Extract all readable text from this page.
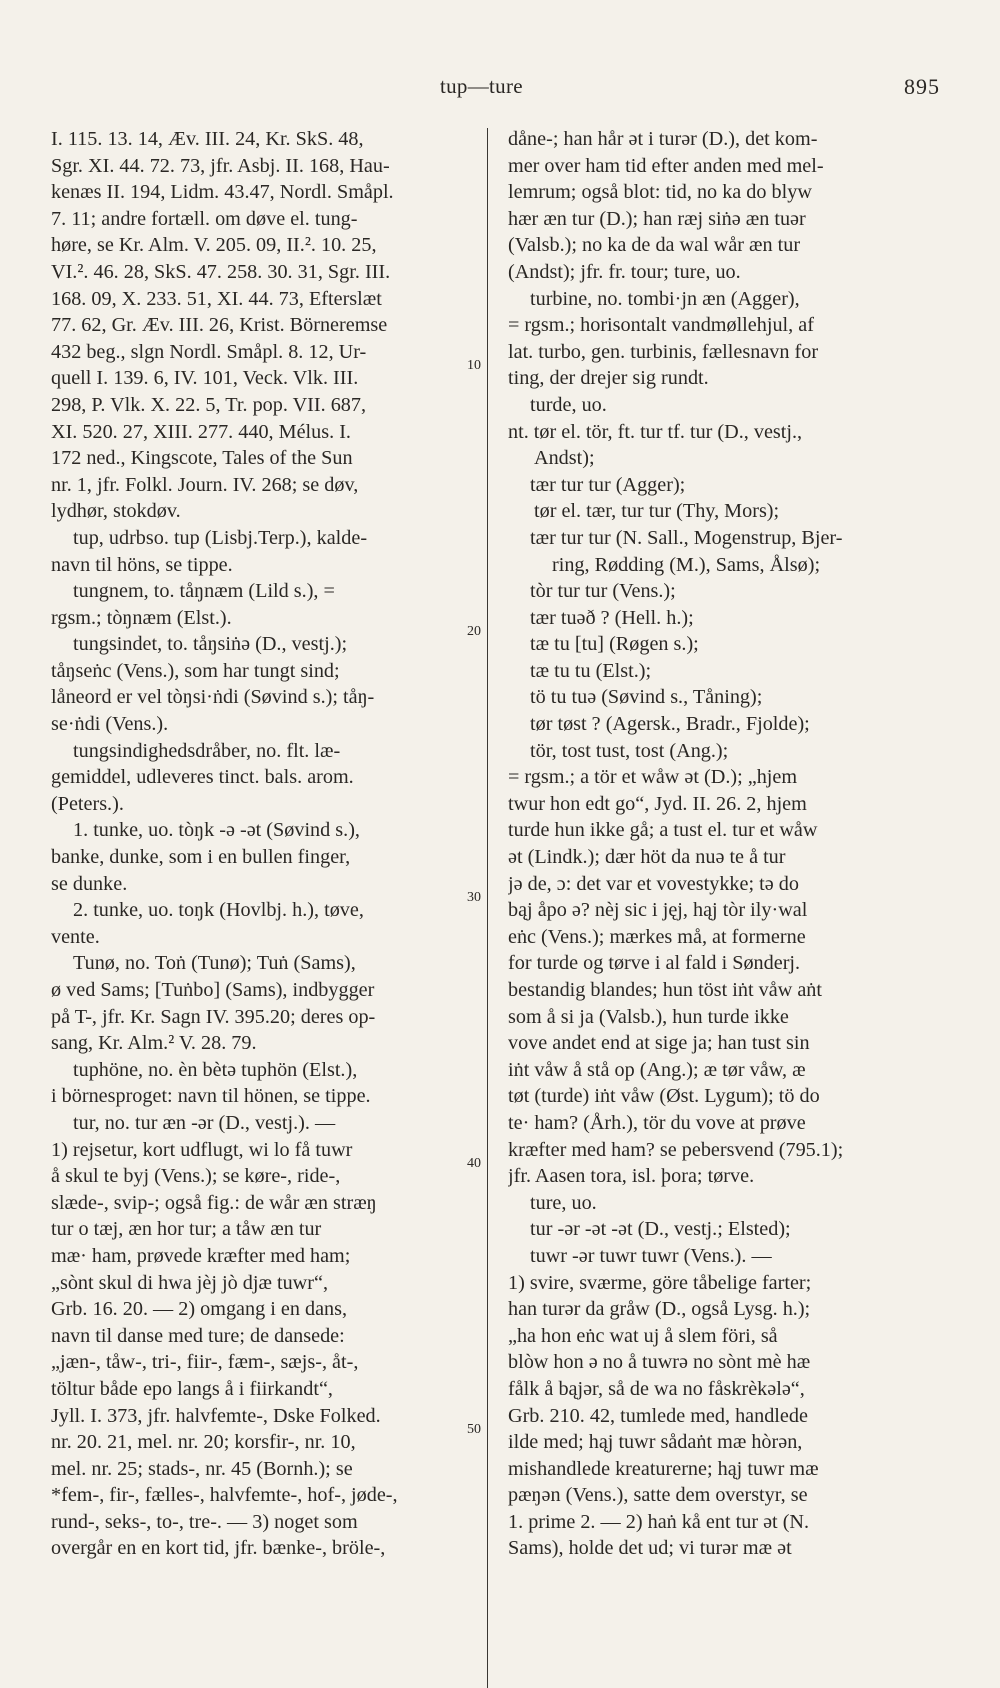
tup—ture	895
I. 115. 13. 14, Æv. III. 24, Kr. SkS. 48,
Sgr. XI. 44. 72. 73, jfr. Asbj. II. 168, Hau-
kenæs II. 194, Lidm. 43.47, Nordl. Småpl.
7. 11; andre fortæll. om døve el. tung-
høre, se Kr. Alm. V. 205. 09, II.². 10. 25,
VI.². 46. 28, SkS. 47. 258. 30. 31, Sgr. III.
168. 09, X. 233. 51, XI. 44. 73, Efterslæt
77. 62, Gr. Æv. III. 26, Krist. Börneremse
432 beg., slgn Nordl. Småpl. 8. 12, Ur-
quell I. 139. 6, IV. 101, Veck. Vlk. III.
298, P. Vlk. X. 22. 5, Tr. pop. VII. 687,
XI. 520. 27, XIII. 277. 440, Mélus. I.
172 ned., Kingscote, Tales of the Sun
nr. 1, jfr. Folkl. Journ. IV. 268; se døv,
lydhør, stokdøv.
tup, udrbso. tup (Lisbj.Terp.), kalde-
navn til höns, se tippe.
tungnem, to. tåŋnæm (Lild s.), =
rgsm.; tòŋnæm (Elst.).
tungsindet, to. tåŋsiṅə (D., vestj.);
tåŋseṅc (Vens.), som har tungt sind;
låneord er vel tòŋsi·ṅdi (Søvind s.); tåŋ-
se·ṅdi (Vens.).
tungsindighedsdråber, no. flt. læ-
gemiddel, udleveres tinct. bals. arom.
(Peters.).
1. tunke, uo. tòŋk -ə -ət (Søvind s.),
banke, dunke, som i en bullen finger,
se dunke.
2. tunke, uo. toŋk (Hovlbj. h.), tøve,
vente.
Tunø, no. Toṅ (Tunø); Tuṅ (Sams),
ø ved Sams; [Tuṅbo] (Sams), indbygger
på T-, jfr. Kr. Sagn IV. 395.20; deres op-
sang, Kr. Alm.² V. 28. 79.
tuphöne, no. èn bètə tuphön (Elst.),
i börnesproget: navn til hönen, se tippe.
tur, no. tur æn -ər (D., vestj.). —
1) rejsetur, kort udflugt, wi lo få tuwr
å skul te byj (Vens.); se køre-, ride-,
slæde-, svip-; også fig.: de wår æn stræŋ
tur o tæj, æn hor tur; a tåw æn tur
mæ· ham, prøvede kræfter med ham;
„sònt skul di hwa jèj jò djæ tuwr“,
Grb. 16. 20. — 2) omgang i en dans,
navn til danse med ture; de dansede:
„jæn-, tåw-, tri-, fiir-, fæm-, sæjs-, åt-,
töltur både epo langs å i fiirkandt“,
Jyll. I. 373, jfr. halvfemte-, Dske Folked.
nr. 20. 21, mel. nr. 20; korsfir-, nr. 10,
mel. nr. 25; stads-, nr. 45 (Bornh.); se
*fem-, fir-, fælles-, halvfemte-, hof-, jøde-,
rund-, seks-, to-, tre-. — 3) noget som
overgår en en kort tid, jfr. bænke-, bröle-,
dåne-; han hår ət i turər (D.), det kom-
mer over ham tid efter anden med mel-
lemrum; også blot: tid, no ka do blyw
hær æn tur (D.); han ræj siṅə æn tuər
(Valsb.); no ka de da wal wår æn tur
(Andst); jfr. fr. tour; ture, uo.
turbine, no. tombi·jn æn (Agger),
= rgsm.; horisontalt vandmøllehjul, af
lat. turbo, gen. turbinis, fællesnavn for
ting, der drejer sig rundt.
turde, uo.
nt. tør el. tör, ft. tur tf. tur (D., vestj.,
Andst);
tær tur tur (Agger);
tør el. tær, tur tur (Thy, Mors);
tær tur tur (N. Sall., Mogenstrup, Bjer-
ring, Rødding (M.), Sams, Ålsø);
tòr tur tur (Vens.);
tær tuəð ? (Hell. h.);
tæ tu [tu] (Røgen s.);
tæ tu tu (Elst.);
tö tu tuə (Søvind s., Tåning);
tør tøst ? (Agersk., Bradr., Fjolde);
tör, tost tust, tost (Ang.);
= rgsm.; a tör et wåw ət (D.); „hjem
twur hon edt go“, Jyd. II. 26. 2, hjem
turde hun ikke gå; a tust el. tur et wåw
ət (Lindk.); dær höt da nuə te å tur
jə de, ɔ: det var et vovestykke; tə do
bąj åpo ə? nèj sic i jęj, hąj tòr ily·wal
eṅc (Vens.); mærkes må, at formerne
for turde og tørve i al fald i Sønderj.
bestandig blandes; hun töst iṅt våw aṅt
som å si ja (Valsb.), hun turde ikke
vove andet end at sige ja; han tust sin
iṅt våw å stå op (Ang.); æ tør våw, æ
tøt (turde) iṅt våw (Øst. Lygum); tö do
te· ham? (Årh.), tör du vove at prøve
kræfter med ham? se pebersvend (795.1);
jfr. Aasen tora, isl. þora; tørve.
ture, uo.
tur -ər -ət -ət (D., vestj.; Elsted);
tuwr -ər tuwr tuwr (Vens.). —
1) svire, sværme, göre tåbelige farter;
han turər da gråw (D., også Lysg. h.);
„ha hon eṅc wat uj å slem föri, så
blòw hon ə no å tuwrə no sònt mè hæ
fålk å bąjər, så de wa no fåskrèkələ“,
Grb. 210. 42, tumlede med, handlede
ilde med; hąj tuwr sådaṅt mæ hòrən,
mishandlede kreaturerne; hąj tuwr mæ
pæŋən (Vens.), satte dem overstyr, se
1. prime 2. — 2) haṅ kå ent tur ət (N.
Sams), holde det ud; vi turər mæ ət
10
20
30
40
50
